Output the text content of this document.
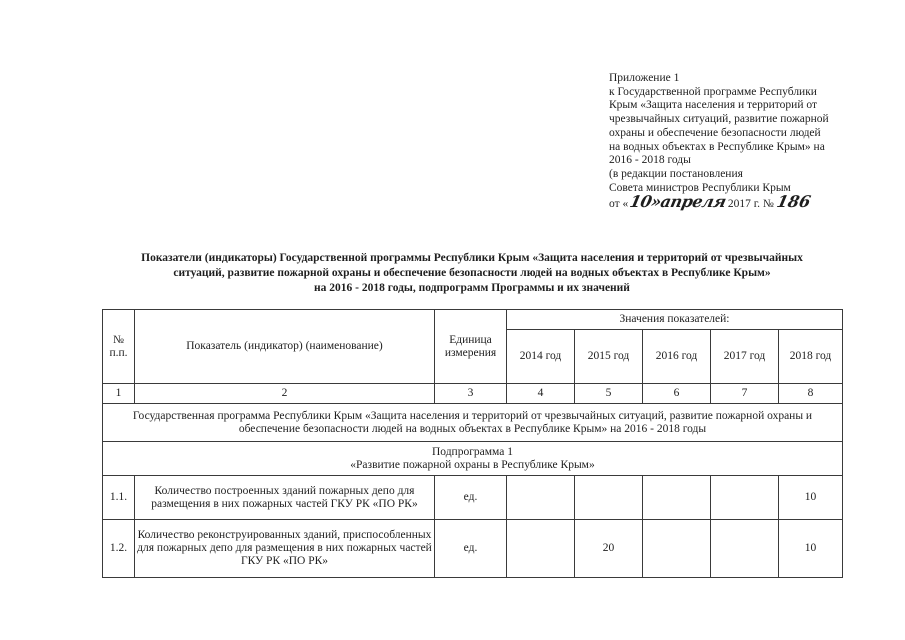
Приложение 1
к Государственной программе Республики
Крым «Защита населения и территорий от
чрезвычайных ситуаций, развитие пожарной
охраны и обеспечение безопасности людей
на водных объектах в Республике Крым» на
2016 - 2018 годы
(в редакции постановления
Совета министров Республики Крым
от «10»апреля2017 г. №186
Показатели (индикаторы) Государственной программы Республики Крым «Защита населения и территорий от чрезвычайных
ситуаций, развитие пожарной охраны и обеспечение безопасности людей на водных объектах в Республике Крым»
на 2016 - 2018 годы, подпрограмм Программы и их значений
№ п.п.	Показатель (индикатор) (наименование)	Единица измерения	Значения показателей:				
			2014 год	2015 год	2016 год	2017 год	2018 год
1	2	3	4	5	6	7	8
Государственная программа Республики Крым «Защита населения и территорий от чрезвычайных ситуаций, развитие пожарной охраны и обеспечение безопасности людей на водных объектах в Республике Крым» на 2016 - 2018 годы							

Подпрограмма 1
«Развитие пожарной охраны в Республике Крым»							

1.1.	Количество построенных зданий пожарных депо для размещения в них пожарных частей ГКУ РК «ПО РК»	ед.					10
1.2.	Количество реконструированных зданий, приспособленных для пожарных депо для размещения в них пожарных частей ГКУ РК «ПО РК»	ед.		20			10
